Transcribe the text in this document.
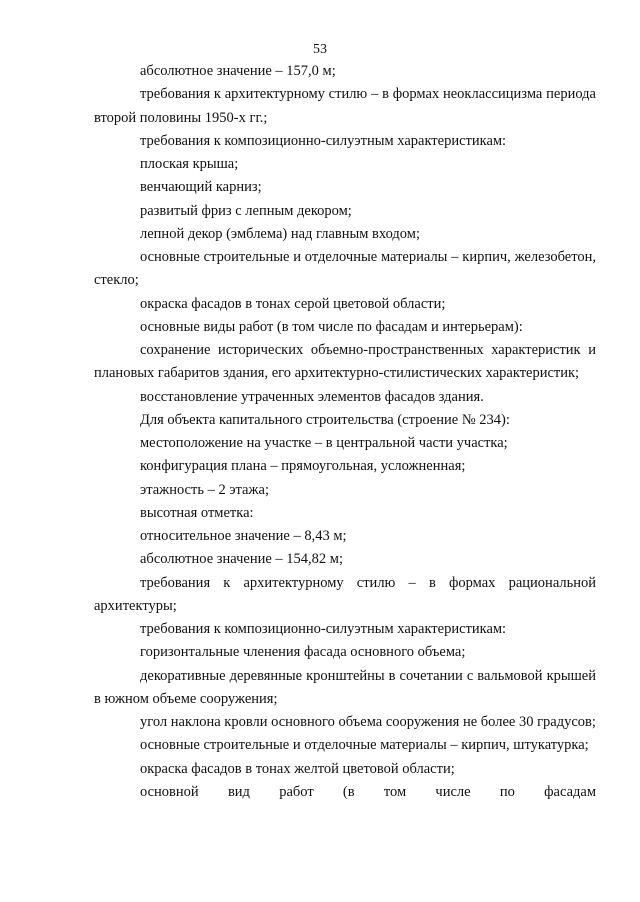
53

абсолютное значение – 157,0 м;

требования к архитектурному стилю – в формах неоклассицизма периода второй половины 1950-х гг.;

требования к композиционно-силуэтным характеристикам:

плоская крыша;

венчающий карниз;

развитый фриз с лепным декором;

лепной декор (эмблема) над главным входом;

основные строительные и отделочные материалы – кирпич, железобетон, стекло;

окраска фасадов в тонах серой цветовой области;

основные виды работ (в том числе по фасадам и интерьерам):

сохранение исторических объемно-пространственных характеристик и плановых габаритов здания, его архитектурно-стилистических характеристик;

восстановление утраченных элементов фасадов здания.

Для объекта капитального строительства (строение № 234):

местоположение на участке – в центральной части участка;

конфигурация плана – прямоугольная, усложненная;

этажность – 2 этажа;

высотная отметка:

относительное значение – 8,43 м;

абсолютное значение – 154,82 м;

требования к архитектурному стилю – в формах рациональной архитектуры;

требования к композиционно-силуэтным характеристикам:

горизонтальные членения фасада основного объема;

декоративные деревянные кронштейны в сочетании с вальмовой крышей в южном объеме сооружения;

угол наклона кровли основного объема сооружения не более 30 градусов;

основные строительные и отделочные материалы – кирпич, штукатурка;

окраска фасадов в тонах желтой цветовой области;

основной вид работ (в том числе по фасадам
